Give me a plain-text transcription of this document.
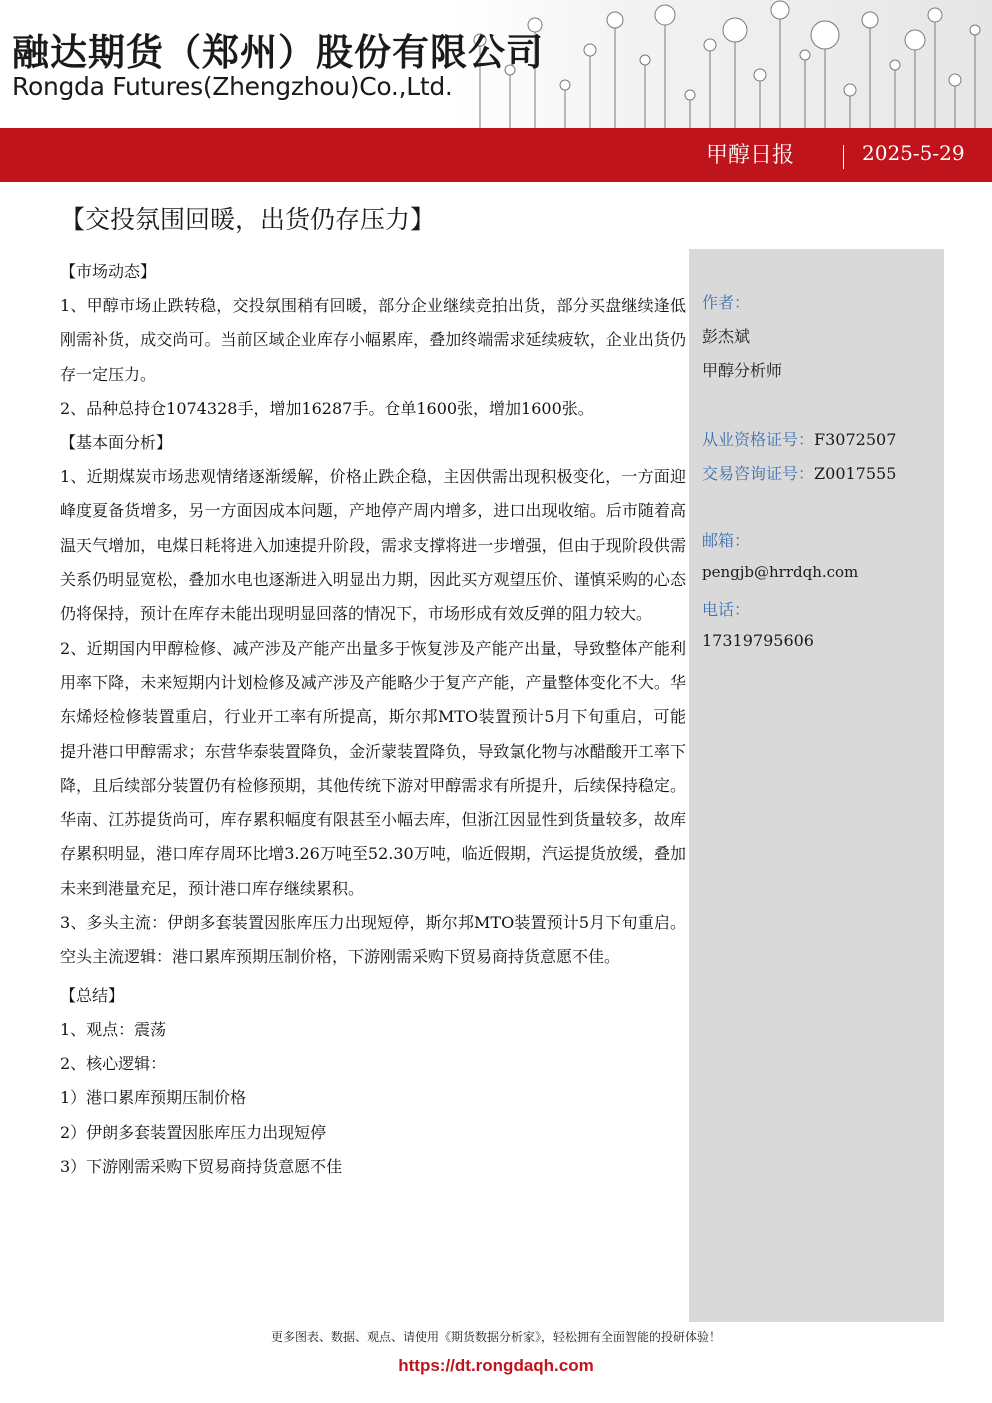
融达期货（郑州）股份有限公司
Rongda Futures(Zhengzhou)Co.,Ltd.
甲醇日报	2025-5-29
【交投氛围回暖，出货仍存压力】
【市场动态】
1、甲醇市场止跌转稳，交投氛围稍有回暖，部分企业继续竞拍出货，部分买盘继续逢低刚需补货，成交尚可。当前区域企业库存小幅累库，叠加终端需求延续疲软，企业出货仍存一定压力。
2、品种总持仓1074328手，增加16287手。仓单1600张，增加1600张。
【基本面分析】
1、近期煤炭市场悲观情绪逐渐缓解，价格止跌企稳，主因供需出现积极变化，一方面迎峰度夏备货增多，另一方面因成本问题，产地停产周内增多，进口出现收缩。后市随着高温天气增加，电煤日耗将进入加速提升阶段，需求支撑将进一步增强，但由于现阶段供需关系仍明显宽松，叠加水电也逐渐进入明显出力期，因此买方观望压价、谨慎采购的心态仍将保持，预计在库存未能出现明显回落的情况下，市场形成有效反弹的阻力较大。
2、近期国内甲醇检修、减产涉及产能产出量多于恢复涉及产能产出量，导致整体产能利用率下降，未来短期内计划检修及减产涉及产能略少于复产产能，产量整体变化不大。华东烯烃检修装置重启，行业开工率有所提高，斯尔邦MTO装置预计5月下旬重启，可能提升港口甲醇需求；东营华泰装置降负，金沂蒙装置降负，导致氯化物与冰醋酸开工率下降，且后续部分装置仍有检修预期，其他传统下游对甲醇需求有所提升，后续保持稳定。华南、江苏提货尚可，库存累积幅度有限甚至小幅去库，但浙江因显性到货量较多，故库存累积明显，港口库存周环比增3.26万吨至52.30万吨，临近假期，汽运提货放缓，叠加未来到港量充足，预计港口库存继续累积。
3、多头主流：伊朗多套装置因胀库压力出现短停，斯尔邦MTO装置预计5月下旬重启。空头主流逻辑：港口累库预期压制价格，下游刚需采购下贸易商持货意愿不佳。
【总结】
1、观点：震荡
2、核心逻辑：
1）港口累库预期压制价格
2）伊朗多套装置因胀库压力出现短停
3）下游刚需采购下贸易商持货意愿不佳
作者：
彭杰斌
甲醇分析师
从业资格证号：F3072507
交易咨询证号：Z0017555
邮箱：
pengjb@hrrdqh.com
电话：
17319795606
更多图表、数据、观点、请使用《期货数据分析家》，轻松拥有全面智能的投研体验！
https://dt.rongdaqh.com
